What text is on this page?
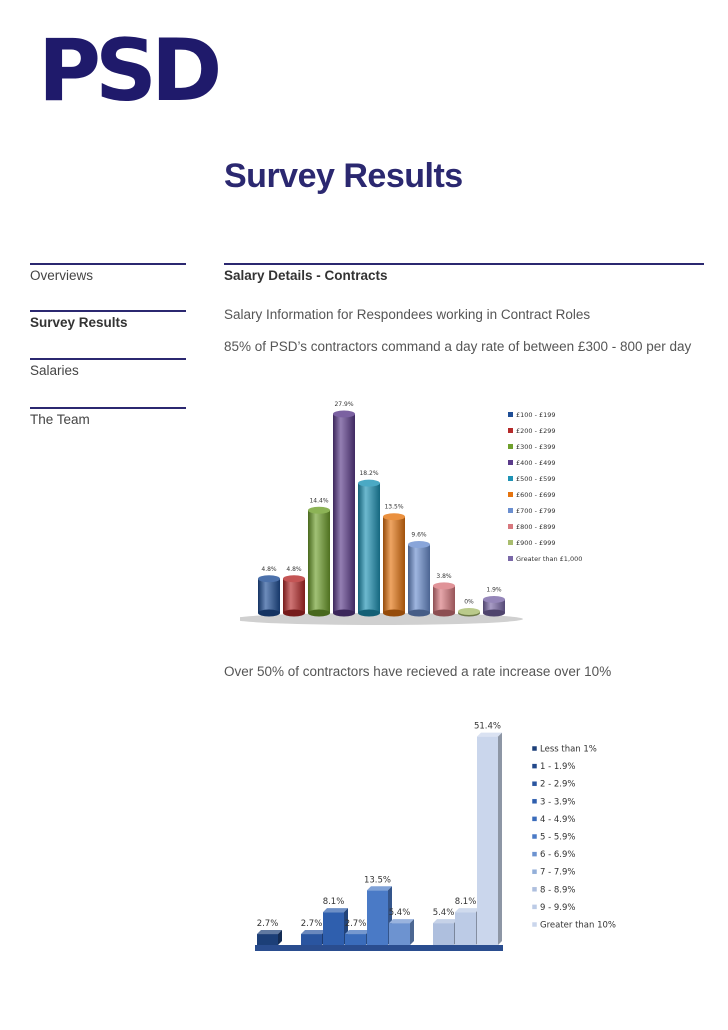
PSD
Survey Results
Overviews
Survey Results
Salaries
The Team
Salary Details - Contracts
Salary Information for Respondees working in Contract Roles
85% of PSD’s contractors command a day rate of between £300 - 800 per day
4.8% 4.8%
14.4%
27.9%
18.2%
13.5%
9.6%
3.8%
0%
1.9%
£100 - £199
£200 - £299
£300 - £399
£400 - £499
£500 - £599
£600 - £699
£700 - £799
£800 - £899
£900 - £999
Greater than £1,000
Over 50% of contractors have recieved a rate increase over 10%
2.7%	2.7%
8.1%
2.7%
13.5%
5.4%	5.4%
8.1%
51.4%
Less than 1%
1 - 1.9%
2 - 2.9%
3 - 3.9%
4 - 4.9%
5 - 5.9%
6 - 6.9%
7 - 7.9%
8 - 8.9%
9 - 9.9%
Greater than 10%
